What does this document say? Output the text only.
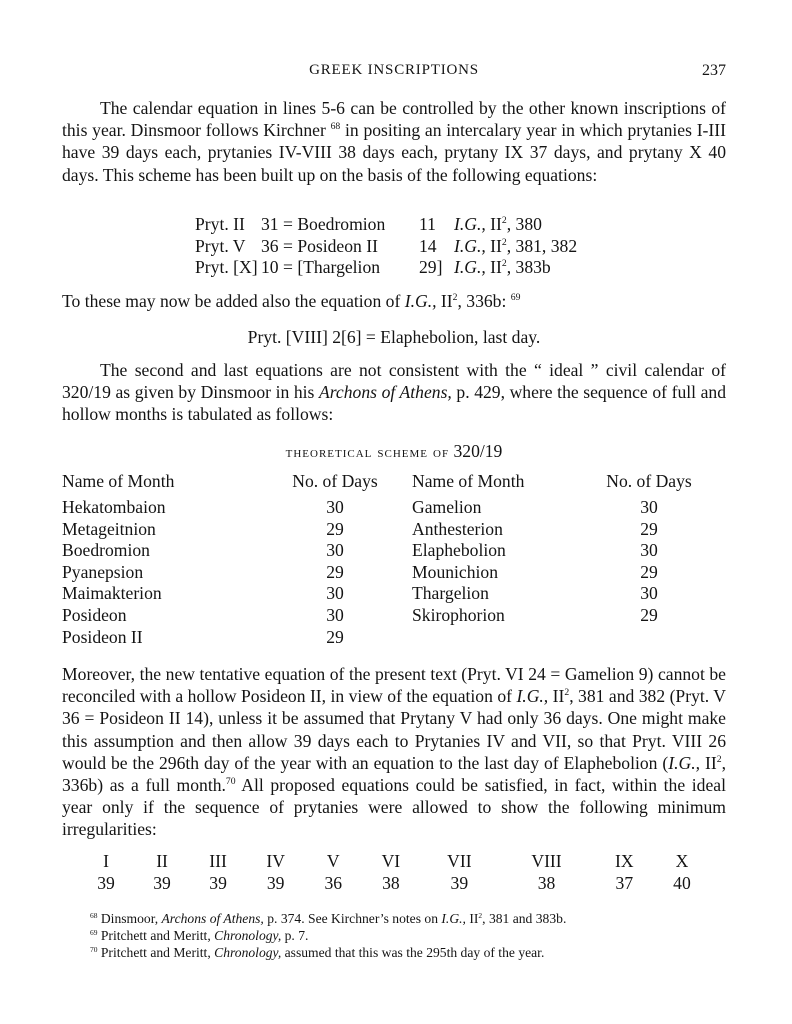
GREEK INSCRIPTIONS	237

The calendar equation in lines 5-6 can be controlled by the other known inscriptions of this year. Dinsmoor follows Kirchner $^{68}$ in positing an intercalary year in which prytanies I-III have 39 days each, prytanies IV-VIII 38 days each, prytany IX 37 days, and prytany X 40 days. This scheme has been built up on the basis of the following equations:

Pryt. II	31 = Boedromion	11	I.G., $II^2$, 380
Pryt. V	36 = Posideon II	14	I.G., $II^2$, 381, 382
Pryt. [X]	10 = [Thargelion	29]	I.G., $II^2$, 383b

To these may now be added also the equation of I.G., $II^2$, 336b: $^{69}$

Pryt. [VIII] 2[6] = Elaphebolion, last day.

The second and last equations are not consistent with the “ ideal ” civil calendar of 320/19 as given by Dinsmoor in his Archons of Athens, p. 429, where the sequence of full and hollow months is tabulated as follows:

theoretical scheme of 320/19
Name of Month	No. of Days	Name of Month	No. of Days
Hekatombaion	30	Gamelion	30
Metageitnion	29	Anthesterion	29
Boedromion	30	Elaphebolion	30
Pyanepsion	29	Mounichion	29
Maimakterion	30	Thargelion	30
Posideon	30	Skirophorion	29
Posideon II	29		

Moreover, the new tentative equation of the present text (Pryt. VI 24 = Gamelion 9) cannot be reconciled with a hollow Posideon II, in view of the equation of I.G., $II^2$, 381 and 382 (Pryt. V 36 = Posideon II 14), unless it be assumed that Prytany V had only 36 days. One might make this assumption and then allow 39 days each to Prytanies IV and VII, so that Pryt. VIII 26 would be the 296th day of the year with an equation to the last day of Elaphebolion (I.G., $II^2$, 336b) as a full month.$^{70}$ All proposed equations could be satisfied, in fact, within the ideal year only if the sequence of prytanies were allowed to show the following minimum irregularities:

I	II	III	IV	V	VI	VII	VIII	IX	X
39	39	39	39	36	38	39	38	37	40

$^{68}$ Dinsmoor, Archons of Athens, p. 374. See Kirchner’s notes on I.G., $II^2$, 381 and 383b.

$^{69}$ Pritchett and Meritt, Chronology, p. 7.

$^{70}$ Pritchett and Meritt, Chronology, assumed that this was the 295th day of the year.
